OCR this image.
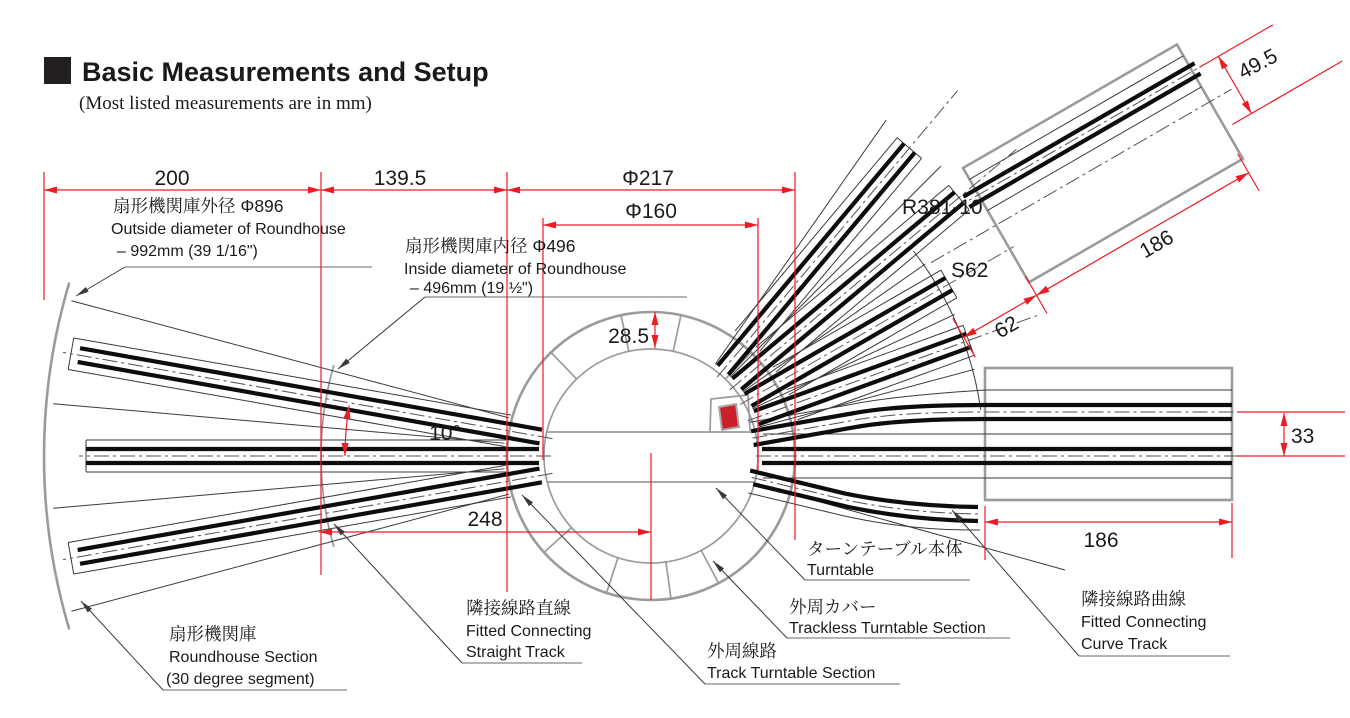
Basic Measurements and Setup
(Most listed measurements are in mm)
200	139.5	Φ217
Φ160
28.5
10°
248
33
62
186
49.5
186
R381-10
S62
扇形機関庫外径 Φ896
Outside diameter of Roundhouse
– 992mm (39 1/16")	扇形機関庫内径 Φ496
Inside diameter of Roundhouse
– 496mm (19 ½")
ターンテーブル本体
Turntable
外周カバー
Trackless Turntable Section
外周線路
Track Turntable Section
隣接線路直線
Fitted Connecting
Straight Track
隣接線路曲線
Fitted Connecting
Curve Track
扇形機関庫
Roundhouse Section
(30 degree segment)
